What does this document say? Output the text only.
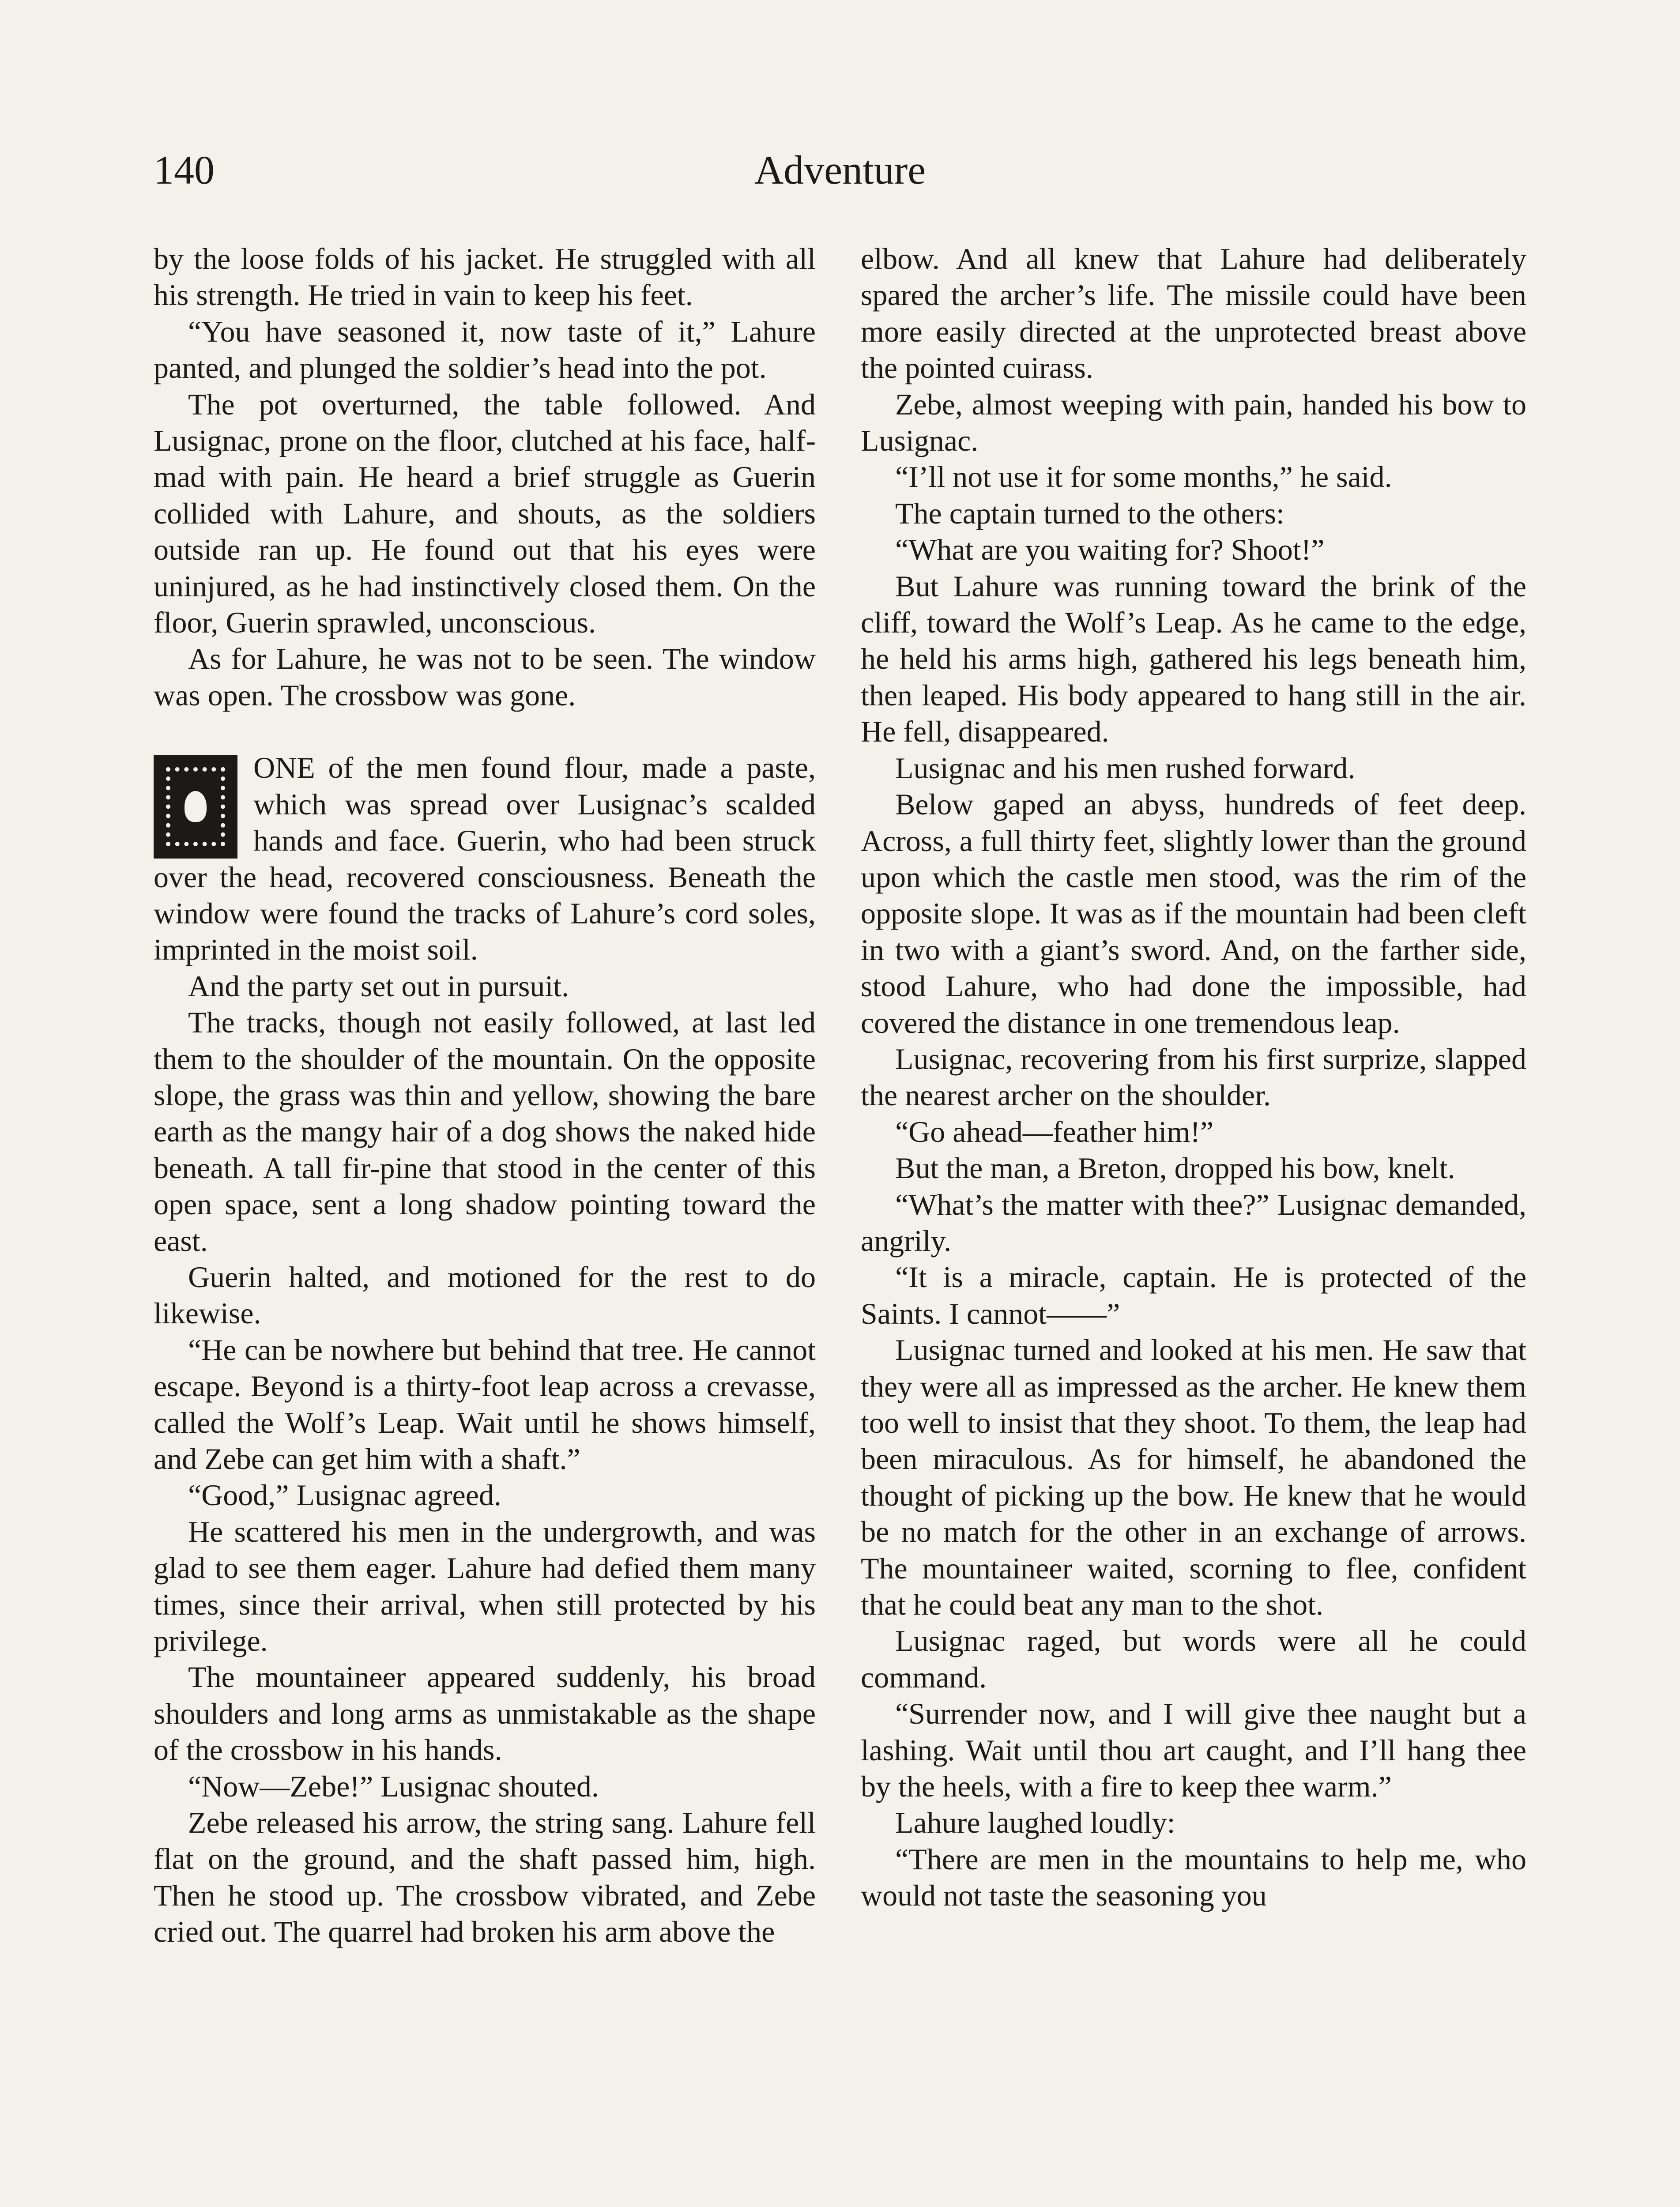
140	Adventure

by the loose folds of his jacket. He struggled with all his strength. He tried in vain to keep his feet.

“You have seasoned it, now taste of it,” Lahure panted, and plunged the soldier’s head into the pot.

The pot overturned, the table followed. And Lusignac, prone on the floor, clutched at his face, half-mad with pain. He heard a brief struggle as Guerin collided with Lahure, and shouts, as the soldiers outside ran up. He found out that his eyes were uninjured, as he had instinctively closed them. On the floor, Guerin sprawled, unconscious.

As for Lahure, he was not to be seen. The window was open. The crossbow was gone.

ONE of the men found flour, made a paste, which was spread over Lusignac’s scalded hands and face. Guerin, who had been struck over the head, recovered consciousness. Beneath the window were found the tracks of Lahure’s cord soles, imprinted in the moist soil.

And the party set out in pursuit.

The tracks, though not easily followed, at last led them to the shoulder of the mountain. On the opposite slope, the grass was thin and yellow, showing the bare earth as the mangy hair of a dog shows the naked hide beneath. A tall fir-pine that stood in the center of this open space, sent a long shadow pointing toward the east.

Guerin halted, and motioned for the rest to do likewise.

“He can be nowhere but behind that tree. He cannot escape. Beyond is a thirty-foot leap across a crevasse, called the Wolf’s Leap. Wait until he shows himself, and Zebe can get him with a shaft.”

“Good,” Lusignac agreed.

He scattered his men in the undergrowth, and was glad to see them eager. Lahure had defied them many times, since their arrival, when still protected by his privilege.

The mountaineer appeared suddenly, his broad shoulders and long arms as unmistakable as the shape of the crossbow in his hands.

“Now—Zebe!” Lusignac shouted.

Zebe released his arrow, the string sang. Lahure fell flat on the ground, and the shaft passed him, high. Then he stood up. The crossbow vibrated, and Zebe cried out. The quarrel had broken his arm above the

elbow. And all knew that Lahure had deliberately spared the archer’s life. The missile could have been more easily directed at the unprotected breast above the pointed cuirass.

Zebe, almost weeping with pain, handed his bow to Lusignac.

“I’ll not use it for some months,” he said.

The captain turned to the others:

“What are you waiting for? Shoot!”

But Lahure was running toward the brink of the cliff, toward the Wolf’s Leap. As he came to the edge, he held his arms high, gathered his legs beneath him, then leaped. His body appeared to hang still in the air. He fell, disappeared.

Lusignac and his men rushed forward.

Below gaped an abyss, hundreds of feet deep. Across, a full thirty feet, slightly lower than the ground upon which the castle men stood, was the rim of the opposite slope. It was as if the mountain had been cleft in two with a giant’s sword. And, on the farther side, stood Lahure, who had done the impossible, had covered the distance in one tremendous leap.

Lusignac, recovering from his first surprize, slapped the nearest archer on the shoulder.

“Go ahead—feather him!”

But the man, a Breton, dropped his bow, knelt.

“What’s the matter with thee?” Lusignac demanded, angrily.

“It is a miracle, captain. He is protected of the Saints. I cannot——”

Lusignac turned and looked at his men. He saw that they were all as impressed as the archer. He knew them too well to insist that they shoot. To them, the leap had been miraculous. As for himself, he abandoned the thought of picking up the bow. He knew that he would be no match for the other in an exchange of arrows. The mountaineer waited, scorning to flee, confident that he could beat any man to the shot.

Lusignac raged, but words were all he could command.

“Surrender now, and I will give thee naught but a lashing. Wait until thou art caught, and I’ll hang thee by the heels, with a fire to keep thee warm.”

Lahure laughed loudly:

“There are men in the mountains to help me, who would not taste the seasoning you
